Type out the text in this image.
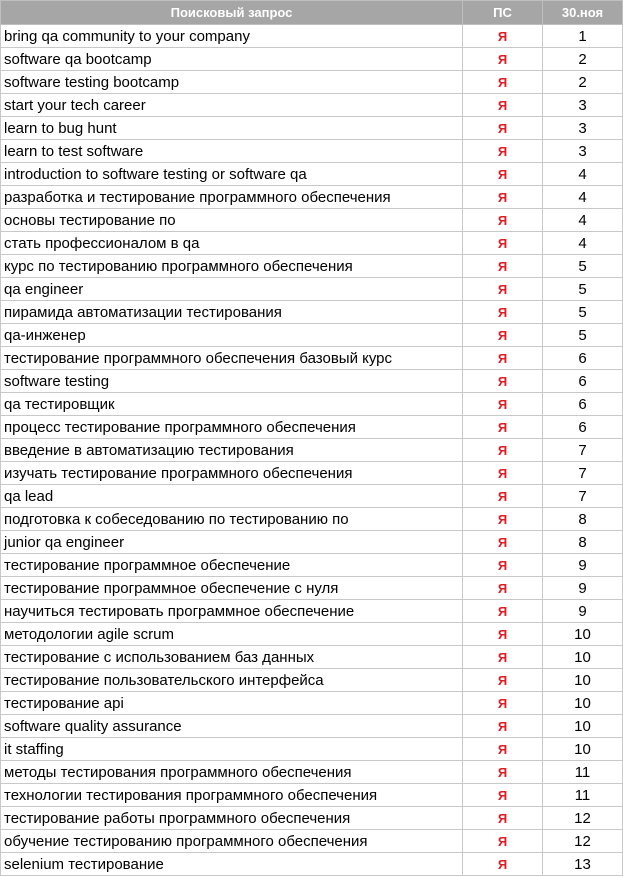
Поисковый запрос	ПС	30.ноя
bring qa community to your company	Я	1
software qa bootcamp	Я	2
software testing bootcamp	Я	2
start your tech career	Я	3
learn to bug hunt	Я	3
learn to test software	Я	3
introduction to software testing or software qa	Я	4
разработка и тестирование программного обеспечения	Я	4
основы тестирование по	Я	4
стать профессионалом в qa	Я	4
курс по тестированию программного обеспечения	Я	5
qa engineer	Я	5
пирамида автоматизации тестирования	Я	5
qa-инженер	Я	5
тестирование программного обеспечения базовый курс	Я	6
software testing	Я	6
qa тестировщик	Я	6
процесс тестирование программного обеспечения	Я	6
введение в автоматизацию тестирования	Я	7
изучать тестирование программного обеспечения	Я	7
qa lead	Я	7
подготовка к собеседованию по тестированию по	Я	8
junior qa engineer	Я	8
тестирование программное обеспечение	Я	9
тестирование программное обеспечение с нуля	Я	9
научиться тестировать программное обеспечение	Я	9
методологии agile scrum	Я	10
тестирование с использованием баз данных	Я	10
тестирование пользовательского интерфейса	Я	10
тестирование api	Я	10
software quality assurance	Я	10
it staffing	Я	10
методы тестирования программного обеспечения	Я	11
технологии тестирования программного обеспечения	Я	11
тестирование работы программного обеспечения	Я	12
обучение тестированию программного обеспечения	Я	12
selenium тестирование	Я	13
